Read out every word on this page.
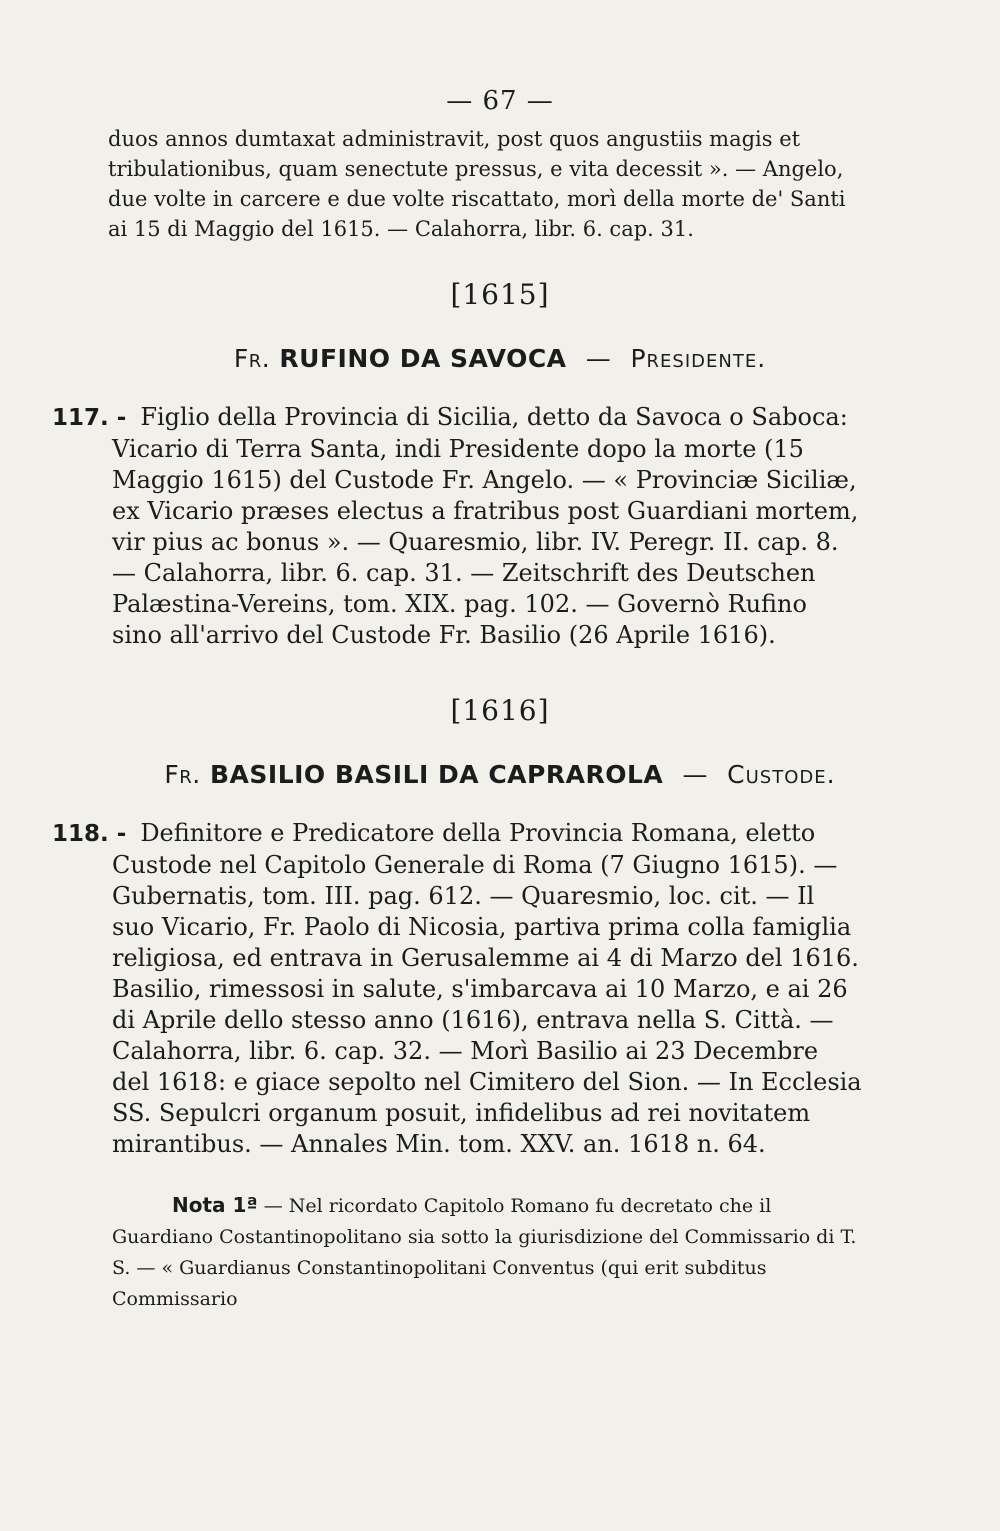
— 67 —
duos annos dumtaxat administravit, post quos angustiis magis et tribulationibus, quam senectute pressus, e vita decessit ». — Angelo, due volte in carcere e due volte riscattato, morì della morte de' Santi ai 15 di Maggio del 1615. — Calahorra, libr. 6. cap. 31.
[1615]
Fr. RUFINO DA SAVOCA — Presidente.
117. - Figlio della Provincia di Sicilia, detto da Savoca o Saboca: Vicario di Terra Santa, indi Presidente dopo la morte (15 Maggio 1615) del Custode Fr. Angelo. — « Provinciæ Siciliæ, ex Vicario præses electus a fratribus post Guardiani mortem, vir pius ac bonus ». — Quaresmio, libr. IV. Peregr. II. cap. 8. — Calahorra, libr. 6. cap. 31. — Zeitschrift des Deutschen Palæstina-Vereins, tom. XIX. pag. 102. — Governò Rufino sino all'arrivo del Custode Fr. Basilio (26 Aprile 1616).
[1616]
Fr. BASILIO BASILI DA CAPRAROLA — Custode.
118. - Definitore e Predicatore della Provincia Romana, eletto Custode nel Capitolo Generale di Roma (7 Giugno 1615). — Gubernatis, tom. III. pag. 612. — Quaresmio, loc. cit. — Il suo Vicario, Fr. Paolo di Nicosia, partiva prima colla famiglia religiosa, ed entrava in Gerusalemme ai 4 di Marzo del 1616. Basilio, rimessosi in salute, s'imbarcava ai 10 Marzo, e ai 26 di Aprile dello stesso anno (1616), entrava nella S. Città. — Calahorra, libr. 6. cap. 32. — Morì Basilio ai 23 Decembre del 1618: e giace sepolto nel Cimitero del Sion. — In Ecclesia SS. Sepulcri organum posuit, infidelibus ad rei novitatem mirantibus. — Annales Min. tom. XXV. an. 1618 n. 64.
Nota 1ª — Nel ricordato Capitolo Romano fu decretato che il Guardiano Costantinopolitano sia sotto la giurisdizione del Commissario di T. S. — « Guardianus Constantinopolitani Conventus (qui erit subditus Commissario
